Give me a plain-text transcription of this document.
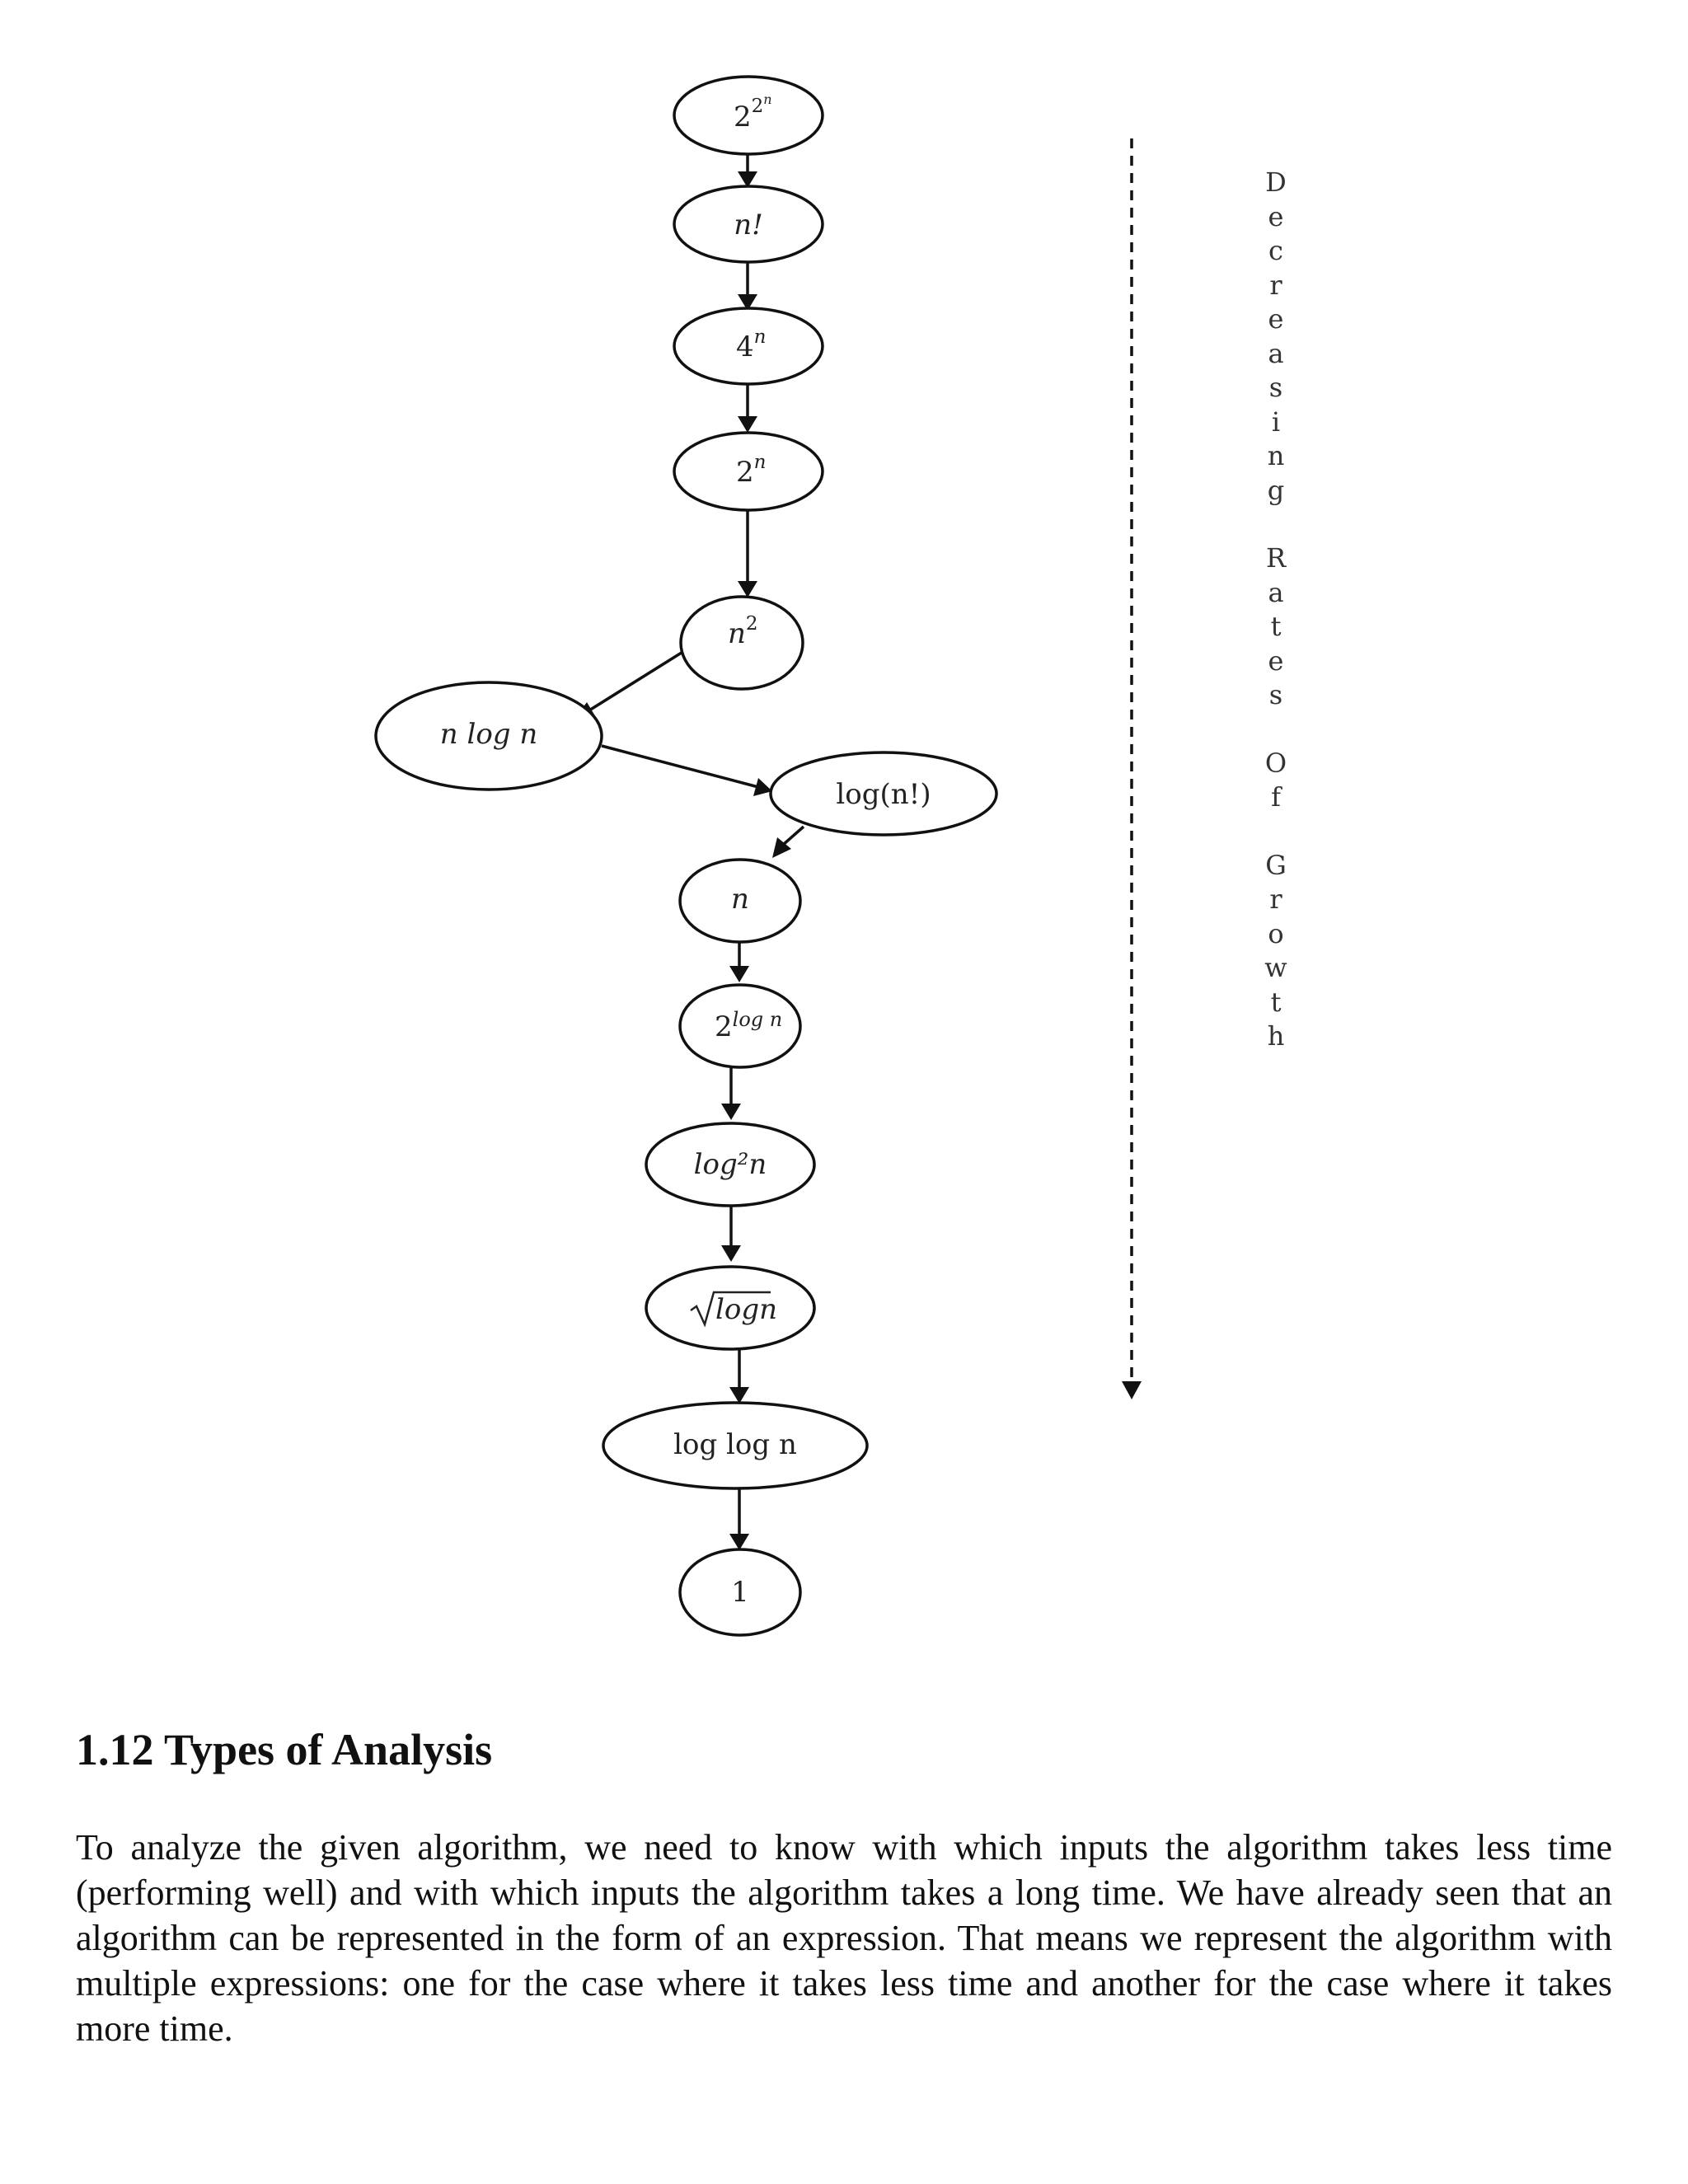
$2^{2n}$
n!
4$^n$
2$^n$
$n^2$
n log n
log(n!)
n
$2^{log n}$
log²n
logn
log log n
1
D
e
c
r
e
a
s
i
n
g
R
a
t
e
s
O
f
G
r
o
w
t
h
1.12 Types of Analysis

To analyze the given algorithm, we need to know with which inputs the algorithm takes less time (performing well) and with which inputs the algorithm takes a long time. We have already seen that an algorithm can be represented in the form of an expression. That means we represent the algorithm with multiple expressions: one for the case where it takes less time and another for the case where it takes more time.
